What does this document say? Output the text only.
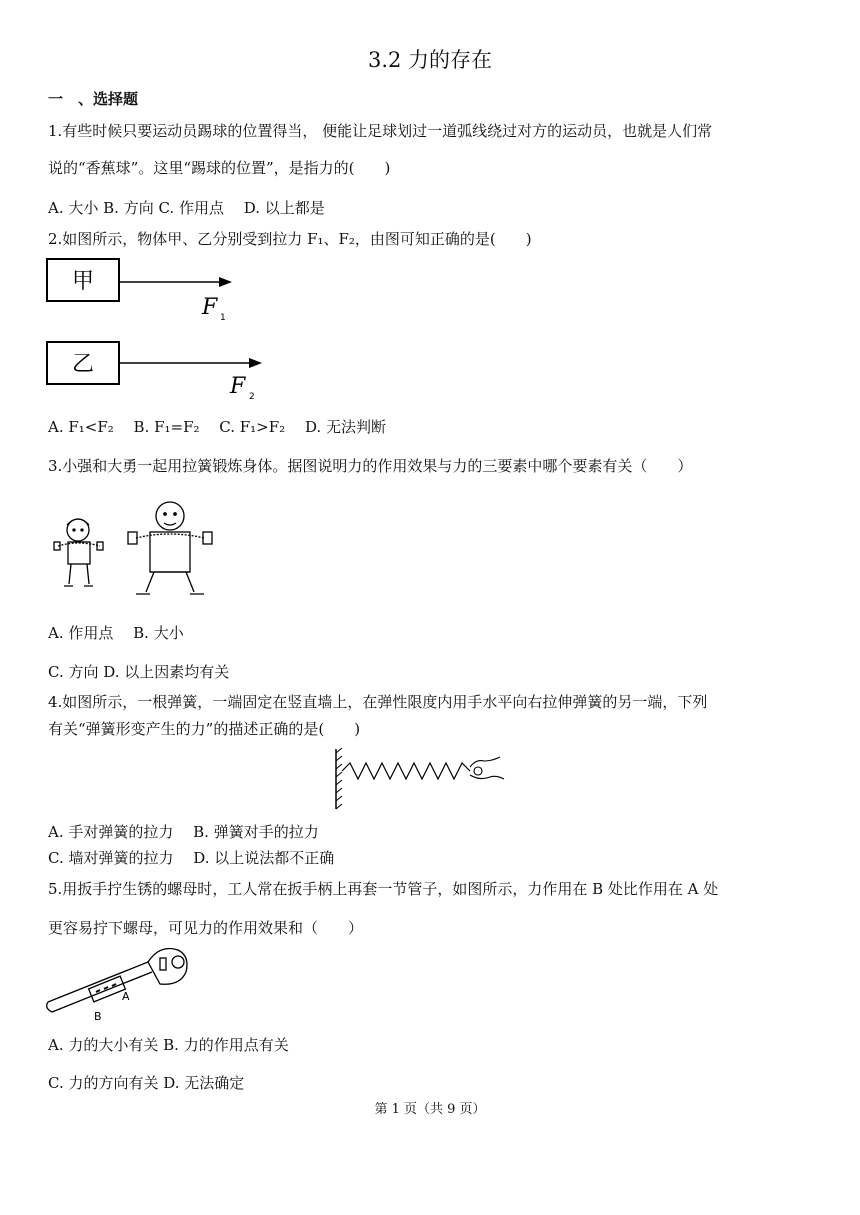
3.2 力的存在
一　、选择题
1.有些时候只要运动员踢球的位置得当， 便能让足球划过一道弧线绕过对方的运动员，也就是人们常
说的“香蕉球”。这里“踢球的位置”，是指力的(　　)
A. 大小 B. 方向 C. 作用点　 D. 以上都是
2.如图所示，物体甲、乙分别受到拉力 F₁、F₂，由图可知正确的是(　　)
甲
F 1
乙
F 2
A. F₁<F₂　 B. F₁=F₂　 C. F₁>F₂　 D. 无法判断
3.小强和大勇一起用拉簧锻炼身体。据图说明力的作用效果与力的三要素中哪个要素有关（　　）
A. 作用点　 B. 大小
C. 方向 D. 以上因素均有关
4.如图所示，一根弹簧，一端固定在竖直墙上，在弹性限度内用手水平向右拉伸弹簧的另一端，下列
有关“弹簧形变产生的力”的描述正确的是(　　)
A. 手对弹簧的拉力　 B. 弹簧对手的拉力
C. 墙对弹簧的拉力　 D. 以上说法都不正确
5.用扳手拧生锈的螺母时，工人常在扳手柄上再套一节管子，如图所示，力作用在 B 处比作用在 A 处
更容易拧下螺母，可见力的作用效果和（　　）
A
B
A. 力的大小有关 B. 力的作用点有关
C. 力的方向有关 D. 无法确定
第 1 页（共 9 页）
